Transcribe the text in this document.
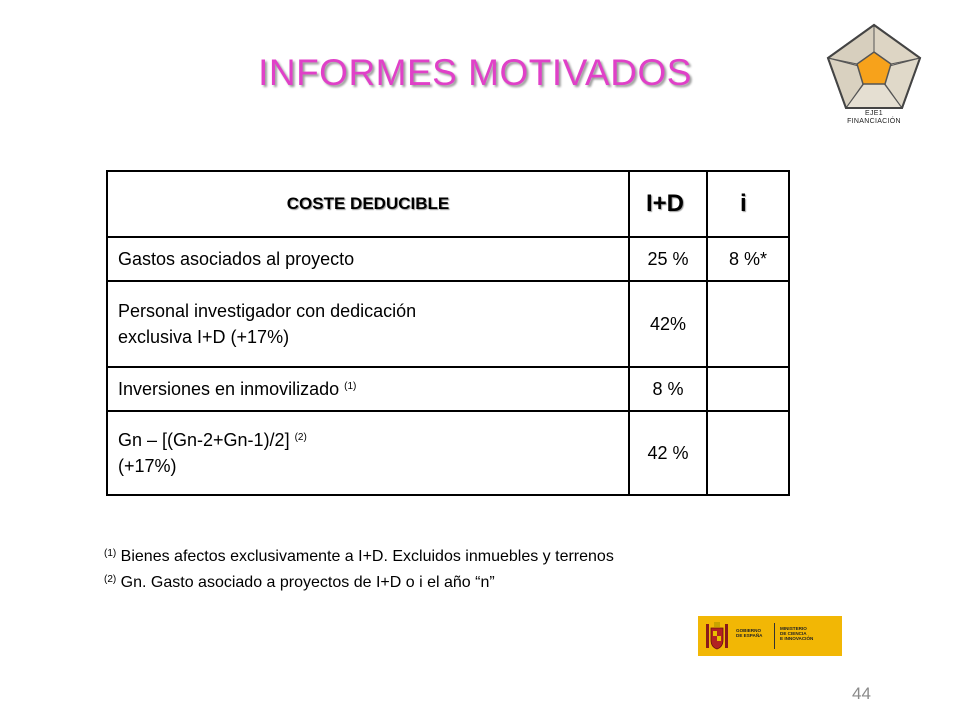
INFORMES MOTIVADOS
EJE1
FINANCIACIÓN
COSTE DEDUCIBLE	I+D	i
Gastos asociados al proyecto	25 %	8 %*
Personal investigador con dedicación
exclusiva I+D (+17%)	42%	
Inversiones en inmovilizado $^{(1)}$	8 %	
Gn – [(Gn-2+Gn-1)/2] $^{(2)}$
(+17%)	42 %	
$^{(1)}$ Bienes afectos exclusivamente a I+D. Excluidos inmuebles y terrenos
$^{(2)}$ Gn. Gasto asociado a proyectos de I+D o i el año “n”
GOBIERNO
DE ESPAÑA
MINISTERIO
DE CIENCIA
E INNOVACIÓN
44
